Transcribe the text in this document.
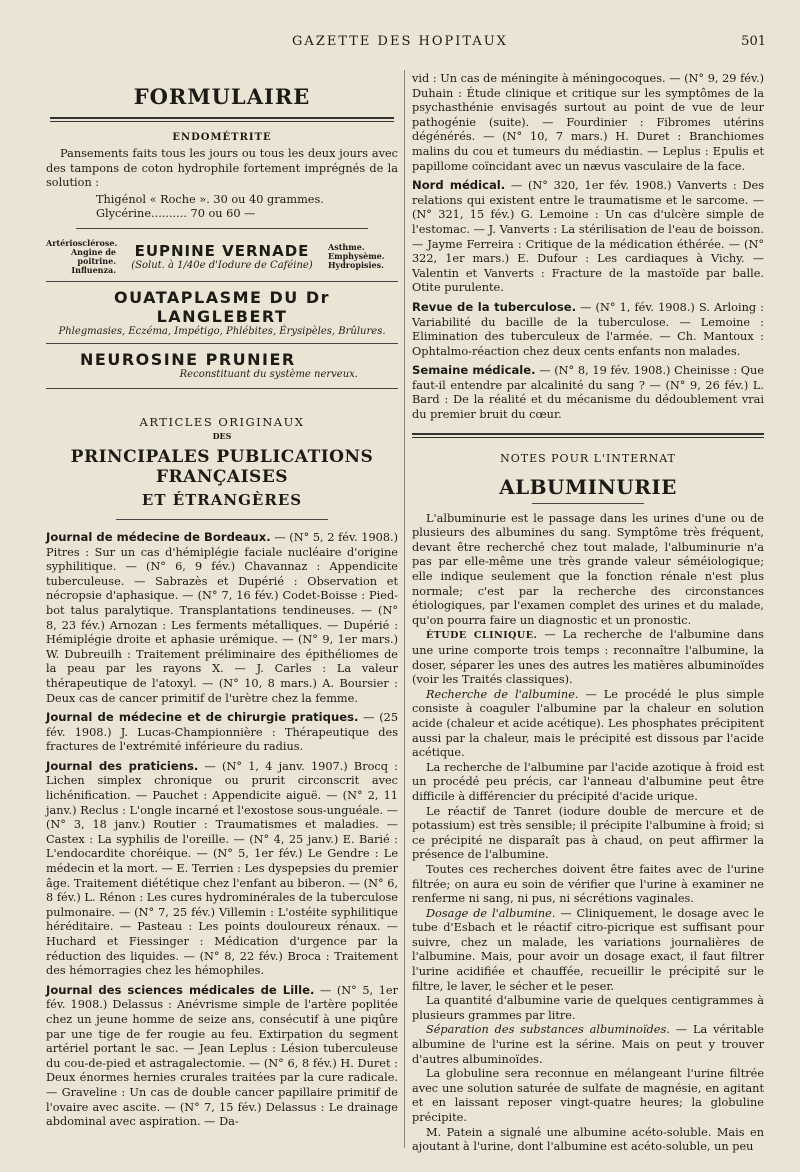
GAZETTE DES HOPITAUX	501
FORMULAIRE
ENDOMÉTRITE

Pansements faits tous les jours ou tous les deux jours avec des tampons de coton hydrophile fortement imprégnés de la solution :

Thigénol « Roche ». 30 ou 40 grammes.
Glycérine.......... 70 ou 60 —
Artériosclérose. Angine de poitrine. Influenza.
EUPNINE VERNADE
(Solut. à 1/40e d'Iodure de Caféine)
Asthme. Emphysème. Hydropisies.
OUATAPLASME DU Dr LANGLEBERT
Phlegmasies, Eczéma, Impétigo, Phlébites, Érysipèles, Brûlures.
NEUROSINE PRUNIER
Reconstituant du système nerveux.
ARTICLES ORIGINAUX
DES
PRINCIPALES PUBLICATIONS FRANÇAISES
ET ÉTRANGÈRES

Journal de médecine de Bordeaux. — (N° 5, 2 fév. 1908.) Pitres : Sur un cas d'hémiplégie faciale nucléaire d'origine syphilitique. — (N° 6, 9 fév.) Chavannaz : Appendicite tuberculeuse. — Sabrazès et Dupérié : Observation et nécropsie d'aphasique. — (N° 7, 16 fév.) Codet-Boisse : Pied-bot talus paralytique. Transplantations tendineuses. — (N° 8, 23 fév.) Arnozan : Les ferments métalliques. — Dupérié : Hémiplégie droite et aphasie urémique. — (N° 9, 1er mars.) W. Dubreuilh : Traitement préliminaire des épithéliomes de la peau par les rayons X. — J. Carles : La valeur thérapeutique de l'atoxyl. — (N° 10, 8 mars.) A. Boursier : Deux cas de cancer primitif de l'urètre chez la femme.

Journal de médecine et de chirurgie pratiques. — (25 fév. 1908.) J. Lucas-Championnière : Thérapeutique des fractures de l'extrémité inférieure du radius.

Journal des praticiens. — (N° 1, 4 janv. 1907.) Brocq : Lichen simplex chronique ou prurit circonscrit avec lichénification. — Pauchet : Appendicite aiguë. — (N° 2, 11 janv.) Reclus : L'ongle incarné et l'exostose sous-unguéale. — (N° 3, 18 janv.) Routier : Traumatismes et maladies. — Castex : La syphilis de l'oreille. — (N° 4, 25 janv.) E. Barié : L'endocardite choréique. — (N° 5, 1er fév.) Le Gendre : Le médecin et la mort. — E. Terrien : Les dyspepsies du premier âge. Traitement diététique chez l'enfant au biberon. — (N° 6, 8 fév.) L. Rénon : Les cures hydrominérales de la tuberculose pulmonaire. — (N° 7, 25 fév.) Villemin : L'ostéite syphilitique héréditaire. — Pasteau : Les points douloureux rénaux. — Huchard et Fiessinger : Médication d'urgence par la réduction des liquides. — (N° 8, 22 fév.) Broca : Traitement des hémorragies chez les hémophiles.

Journal des sciences médicales de Lille. — (N° 5, 1er fév. 1908.) Delassus : Anévrisme simple de l'artère poplitée chez un jeune homme de seize ans, consécutif à une piqûre par une tige de fer rougie au feu. Extirpation du segment artériel portant le sac. — Jean Leplus : Lésion tuberculeuse du cou-de-pied et astragalectomie. — (N° 6, 8 fév.) H. Duret : Deux énormes hernies crurales traitées par la cure radicale. — Graveline : Un cas de double cancer papillaire primitif de l'ovaire avec ascite. — (N° 7, 15 fév.) Delassus : Le drainage abdominal avec aspiration. — Da-

vid : Un cas de méningite à méningocoques. — (N° 9, 29 fév.) Duhain : Étude clinique et critique sur les symptômes de la psychasthénie envisagés surtout au point de vue de leur pathogénie (suite). — Fourdinier : Fibromes utérins dégénérés. — (N° 10, 7 mars.) H. Duret : Branchiomes malins du cou et tumeurs du médiastin. — Leplus : Epulis et papillome coïncidant avec un nævus vasculaire de la face.

Nord médical. — (N° 320, 1er fév. 1908.) Vanverts : Des relations qui existent entre le traumatisme et le sarcome. — (N° 321, 15 fév.) G. Lemoine : Un cas d'ulcère simple de l'estomac. — J. Vanverts : La stérilisation de l'eau de boisson. — Jayme Ferreira : Critique de la médication éthérée. — (N° 322, 1er mars.) E. Dufour : Les cardiaques à Vichy. — Valentin et Vanverts : Fracture de la mastoïde par balle. Otite purulente.

Revue de la tuberculose. — (N° 1, fév. 1908.) S. Arloing : Variabilité du bacille de la tuberculose. — Lemoine : Elimination des tuberculeux de l'armée. — Ch. Mantoux : Ophtalmo-réaction chez deux cents enfants non malades.

Semaine médicale. — (N° 8, 19 fév. 1908.) Cheinisse : Que faut-il entendre par alcalinité du sang ? — (N° 9, 26 fév.) L. Bard : De la réalité et du mécanisme du dédoublement vrai du premier bruit du cœur.

NOTES POUR L'INTERNAT
ALBUMINURIE

L'albuminurie est le passage dans les urines d'une ou de plusieurs des albumines du sang. Symptôme très fréquent, devant être recherché chez tout malade, l'albuminurie n'a pas par elle-même une très grande valeur séméiologique; elle indique seulement que la fonction rénale n'est plus normale; c'est par la recherche des circonstances étiologiques, par l'examen complet des urines et du malade, qu'on pourra faire un diagnostic et un pronostic.

ÉTUDE CLINIQUE. — La recherche de l'albumine dans une urine comporte trois temps : reconnaître l'albumine, la doser, séparer les unes des autres les matières albuminoïdes (voir les Traités classiques).

Recherche de l'albumine. — Le procédé le plus simple consiste à coaguler l'albumine par la chaleur en solution acide (chaleur et acide acétique). Les phosphates précipitent aussi par la chaleur, mais le précipité est dissous par l'acide acétique.

La recherche de l'albumine par l'acide azotique à froid est un procédé peu précis, car l'anneau d'albumine peut être difficile à différencier du précipité d'acide urique.

Le réactif de Tanret (iodure double de mercure et de potassium) est très sensible; il précipite l'albumine à froid; si ce précipité ne disparaît pas à chaud, on peut affirmer la présence de l'albumine.

Toutes ces recherches doivent être faites avec de l'urine filtrée; on aura eu soin de vérifier que l'urine à examiner ne renferme ni sang, ni pus, ni sécrétions vaginales.

Dosage de l'albumine. — Cliniquement, le dosage avec le tube d'Esbach et le réactif citro-picrique est suffisant pour suivre, chez un malade, les variations journalières de l'albumine. Mais, pour avoir un dosage exact, il faut filtrer l'urine acidifiée et chauffée, recueillir le précipité sur le filtre, le laver, le sécher et le peser.

La quantité d'albumine varie de quelques centigrammes à plusieurs grammes par litre.

Séparation des substances albuminoïdes. — La véritable albumine de l'urine est la sérine. Mais on peut y trouver d'autres albuminoïdes.

La globuline sera reconnue en mélangeant l'urine filtrée avec une solution saturée de sulfate de magnésie, en agitant et en laissant reposer vingt-quatre heures; la globuline précipite.

M. Patein a signalé une albumine acéto-soluble. Mais en ajoutant à l'urine, dont l'albumine est acéto-soluble, un peu
